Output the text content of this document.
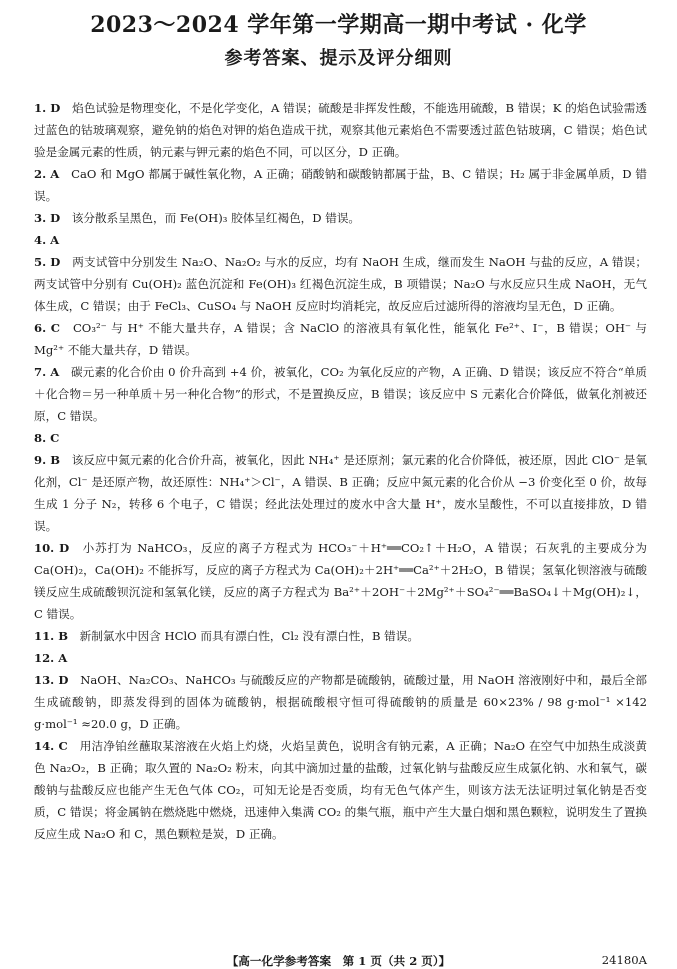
2023～2024 学年第一学期高一期中考试 · 化学
参考答案、提示及评分细则

1. D　 焰色试验是物理变化，不是化学变化，A 错误；硫酸是非挥发性酸，不能选用硫酸，B 错误；K 的焰色试验需透过蓝色的钴玻璃观察，避免钠的焰色对钾的焰色造成干扰，观察其他元素焰色不需要透过蓝色钴玻璃，C 错误；焰色试验是金属元素的性质，钠元素与钾元素的焰色不同，可以区分，D 正确。

2. A　 CaO 和 MgO 都属于碱性氧化物，A 正确；硝酸钠和碳酸钠都属于盐，B、C 错误；H₂ 属于非金属单质，D 错误。

3. D　 该分散系呈黑色，而 Fe(OH)₃ 胶体呈红褐色，D 错误。

4. A　

5. D　 两支试管中分别发生 Na₂O、Na₂O₂ 与水的反应，均有 NaOH 生成，继而发生 NaOH 与盐的反应，A 错误；两支试管中分别有 Cu(OH)₂ 蓝色沉淀和 Fe(OH)₃ 红褐色沉淀生成，B 项错误；Na₂O 与水反应只生成 NaOH，无气体生成，C 错误；由于 FeCl₃、CuSO₄ 与 NaOH 反应时均消耗完，故反应后过滤所得的溶液均呈无色，D 正确。

6. C　 CO₃²⁻ 与 H⁺ 不能大量共存，A 错误；含 NaClO 的溶液具有氧化性，能氧化 Fe²⁺、I⁻，B 错误；OH⁻ 与 Mg²⁺ 不能大量共存，D 错误。

7. A　 碳元素的化合价由 0 价升高到 +4 价，被氧化，CO₂ 为氧化反应的产物，A 正确、D 错误；该反应不符合“单质＋化合物＝另一种单质＋另一种化合物”的形式，不是置换反应，B 错误；该反应中 S 元素化合价降低，做氧化剂被还原，C 错误。

8. C　

9. B　 该反应中氮元素的化合价升高，被氧化，因此 NH₄⁺ 是还原剂；氯元素的化合价降低，被还原，因此 ClO⁻ 是氧化剂，Cl⁻ 是还原产物，故还原性：NH₄⁺＞Cl⁻，A 错误、B 正确；反应中氮元素的化合价从 −3 价变化至 0 价，故每生成 1 分子 N₂，转移 6 个电子，C 错误；经此法处理过的废水中含大量 H⁺，废水呈酸性，不可以直接排放，D 错误。

10. D　 小苏打为 NaHCO₃，反应的离子方程式为 HCO₃⁻＋H⁺══CO₂↑＋H₂O，A 错误；石灰乳的主要成分为 Ca(OH)₂，Ca(OH)₂ 不能拆写，反应的离子方程式为 Ca(OH)₂＋2H⁺══Ca²⁺＋2H₂O，B 错误；氢氧化钡溶液与硫酸镁反应生成硫酸钡沉淀和氢氧化镁，反应的离子方程式为 Ba²⁺＋2OH⁻＋2Mg²⁺＋SO₄²⁻══BaSO₄↓＋Mg(OH)₂↓，C 错误。

11. B　 新制氯水中因含 HClO 而具有漂白性，Cl₂ 没有漂白性，B 错误。

12. A　

13. D　 NaOH、Na₂CO₃、NaHCO₃ 与硫酸反应的产物都是硫酸钠，硫酸过量，用 NaOH 溶液刚好中和，最后全部生成硫酸钠，即蒸发得到的固体为硫酸钠，根据硫酸根守恒可得硫酸钠的质量是 60×23% / 98 g·mol⁻¹ ×142 g·mol⁻¹ ≈20.0 g，D 正确。

14. C　 用洁净铂丝蘸取某溶液在火焰上灼烧，火焰呈黄色，说明含有钠元素，A 正确；Na₂O 在空气中加热生成淡黄色 Na₂O₂，B 正确；取久置的 Na₂O₂ 粉末，向其中滴加过量的盐酸，过氧化钠与盐酸反应生成氯化钠、水和氧气，碳酸钠与盐酸反应也能产生无色气体 CO₂，可知无论是否变质，均有无色气体产生，则该方法无法证明过氧化钠是否变质，C 错误；将金属钠在燃烧匙中燃烧，迅速伸入集满 CO₂ 的集气瓶，瓶中产生大量白烟和黑色颗粒，说明发生了置换反应生成 Na₂O 和 C，黑色颗粒是炭，D 正确。

【高一化学参考答案　第 1 页（共 2 页）】	24180A
